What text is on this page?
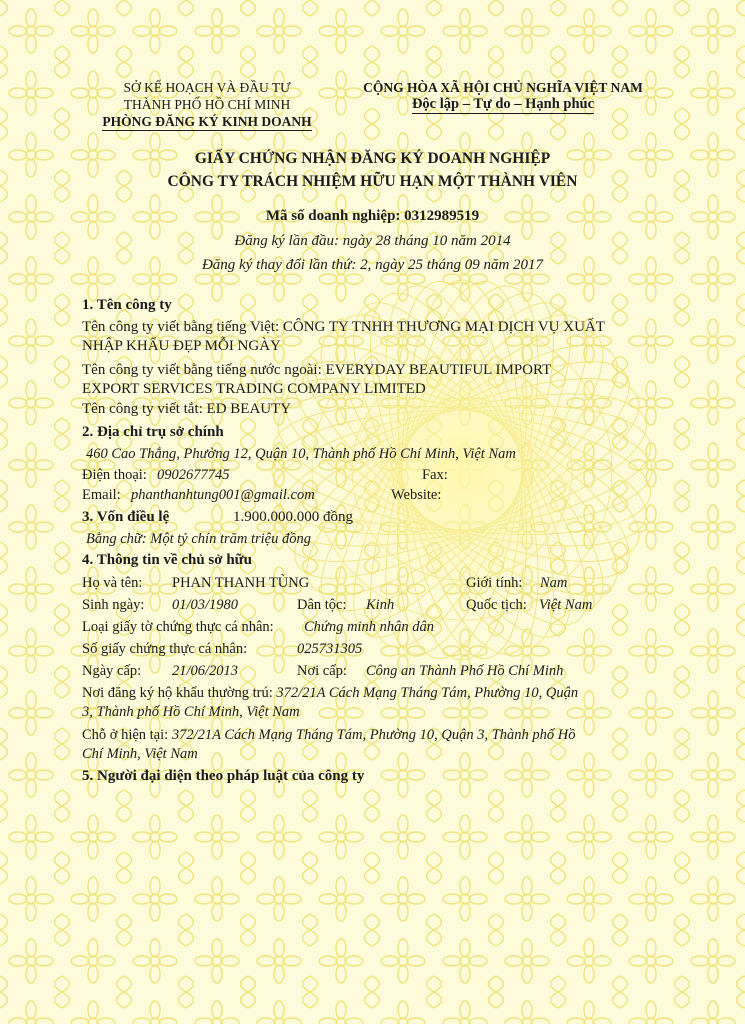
SỞ KẾ HOẠCH VÀ ĐẦU TƯ
THÀNH PHỐ HỒ CHÍ MINH
PHÒNG ĐĂNG KÝ KINH DOANH
CỘNG HÒA XÃ HỘI CHỦ NGHĨA VIỆT NAM
Độc lập – Tự do – Hạnh phúc
GIẤY CHỨNG NHẬN ĐĂNG KÝ DOANH NGHIỆP
CÔNG TY TRÁCH NHIỆM HỮU HẠN MỘT THÀNH VIÊN
Mã số doanh nghiệp: 0312989519
Đăng ký lần đầu: ngày 28 tháng 10 năm 2014
Đăng ký thay đổi lần thứ: 2, ngày 25 tháng 09 năm 2017
1. Tên công ty
Tên công ty viết bằng tiếng Việt: CÔNG TY TNHH THƯƠNG MẠI DỊCH VỤ XUẤT
NHẬP KHẨU ĐẸP MỖI NGÀY
Tên công ty viết bằng tiếng nước ngoài: EVERYDAY BEAUTIFUL IMPORT
EXPORT SERVICES TRADING COMPANY LIMITED
Tên công ty viết tắt: ED BEAUTY
2. Địa chỉ trụ sở chính
460 Cao Thắng, Phường 12, Quận 10, Thành phố Hồ Chí Minh, Việt Nam
Điện thoại: 0902677745	Fax:
Email: phanthanhtung001@gmail.com	Website:
3. Vốn điều lệ	1.900.000.000 đồng
Bằng chữ: Một tỷ chín trăm triệu đồng
4. Thông tin về chủ sở hữu
Họ và tên: PHAN THANH TÙNG	Giới tính: Nam
Sinh ngày: 01/03/1980	Dân tộc: Kinh	Quốc tịch: Việt Nam
Loại giấy tờ chứng thực cá nhân: Chứng minh nhân dân
Số giấy chứng thực cá nhân:	025731305
Ngày cấp: 21/06/2013	Nơi cấp: Công an Thành Phố Hồ Chí Minh
Nơi đăng ký hộ khẩu thường trú: 372/21A Cách Mạng Tháng Tám, Phường 10, Quận
3, Thành phố Hồ Chí Minh, Việt Nam
Chỗ ở hiện tại: 372/21A Cách Mạng Tháng Tám, Phường 10, Quận 3, Thành phố Hồ
Chí Minh, Việt Nam
5. Người đại diện theo pháp luật của công ty
